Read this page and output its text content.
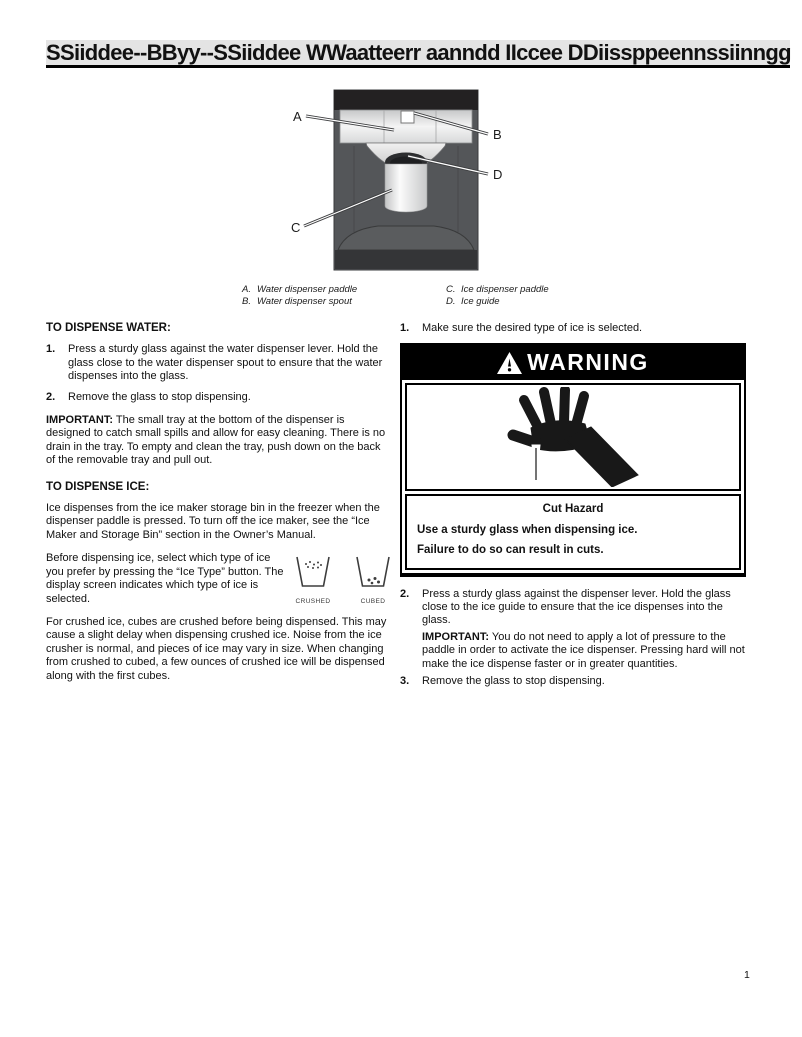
SSiiddee--BByy--SSiiddee WWaatteerr aanndd IIccee DDiissppeennssiinngg
A
B
D
C
A. Water dispenser paddle
B. Water dispenser spout
C. Ice dispenser paddle
D. Ice guide
TO DISPENSE WATER:
1.	Press a sturdy glass against the water dispenser lever. Hold the glass close to the water dispenser spout to ensure that the water dispenses into the glass.
2.	Remove the glass to stop dispensing.

IMPORTANT: The small tray at the bottom of the dispenser is designed to catch small spills and allow for easy cleaning. There is no drain in the tray. To empty and clean the tray, push down on the back of the removable tray and pull out.

TO DISPENSE ICE:

Ice dispenses from the ice maker storage bin in the freezer when the dispenser paddle is pressed. To turn off the ice maker, see the “Ice Maker and Storage Bin” section in the Owner’s Manual.

CRUSHED	CUBED
Before dispensing ice, select which type of ice you prefer by pressing the “Ice Type” button. The display screen indicates which type of ice is selected.

For crushed ice, cubes are crushed before being dispensed. This may cause a slight delay when dispensing crushed ice. Noise from the ice crusher is normal, and pieces of ice may vary in size. When changing from crushed to cubed, a few ounces of crushed ice will be dispensed along with the first cubes.

1.	Make sure the desired type of ice is selected.
WARNING
Cut Hazard
Use a sturdy glass when dispensing ice.
Failure to do so can result in cuts.
2.	Press a sturdy glass against the dispenser lever. Hold the glass close to the ice guide to ensure that the ice dispenses into the glass.
IMPORTANT: You do not need to apply a lot of pressure to the paddle in order to activate the ice dispenser. Pressing hard will not make the ice dispense faster or in greater quantities.
3.	Remove the glass to stop dispensing.
1
